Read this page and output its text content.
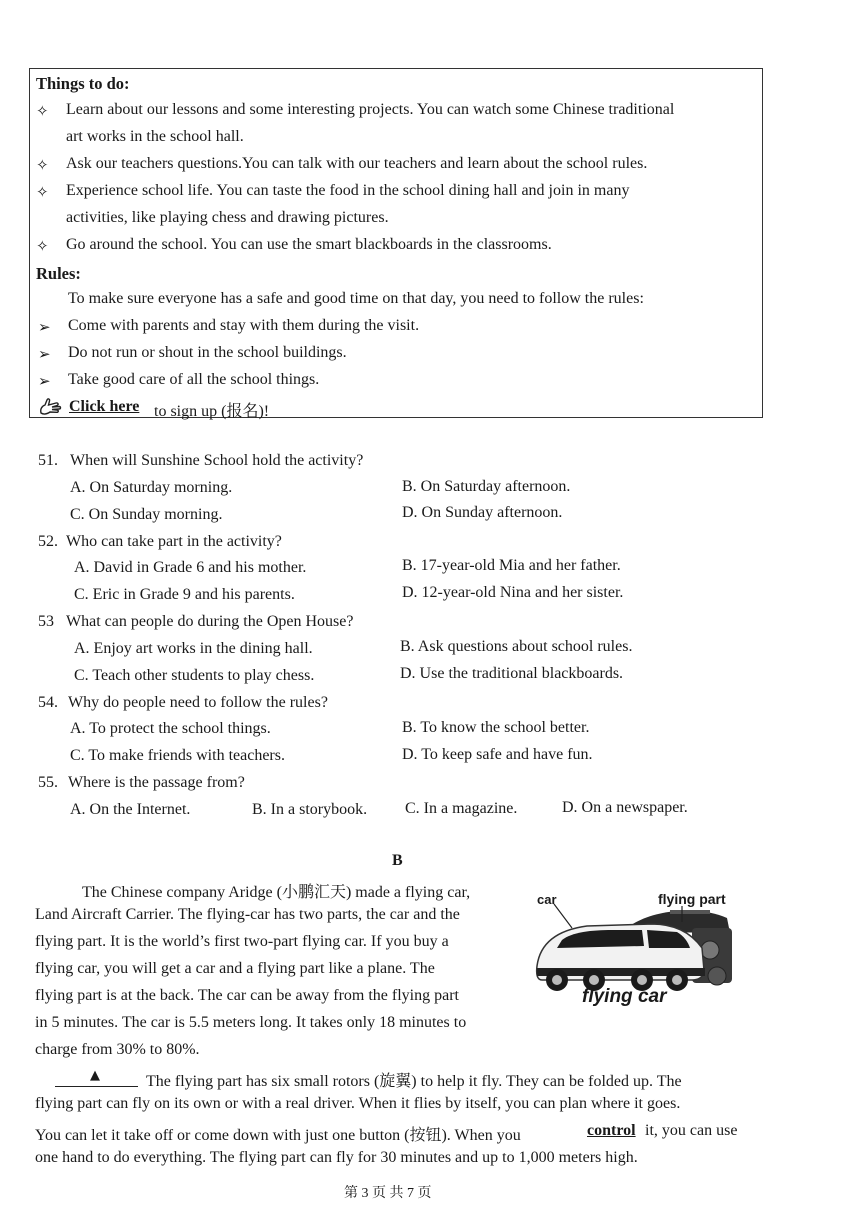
Things to do:
✧ Learn about our lessons and some interesting projects. You can watch some Chinese traditional
art works in the school hall.
✧ Ask our teachers questions.You can talk with our teachers and learn about the school rules.
✧ Experience school life. You can taste the food in the school dining hall and join in many
activities, like playing chess and drawing pictures.
✧ Go around the school. You can use the smart blackboards in the classrooms.
Rules:
To make sure everyone has a safe and good time on that day, you need to follow the rules:
➢ Come with parents and stay with them during the visit.
➢ Do not run or shout in the school buildings.
➢ Take good care of all the school things.
Click here to sign up (报名)!
51. When will Sunshine School hold the activity?
A. On Saturday morning.	B. On Saturday afternoon.
C. On Sunday morning.	D. On Sunday afternoon.
52. Who can take part in the activity?
A. David in Grade 6 and his mother.	B. 17-year-old Mia and her father.
C. Eric in Grade 9 and his parents.	D. 12-year-old Nina and her sister.
53 What can people do during the Open House?
A. Enjoy art works in the dining hall.	B. Ask questions about school rules.
C. Teach other students to play chess.	D. Use the traditional blackboards.
54. Why do people need to follow the rules?
A. To protect the school things.	B. To know the school better.
C. To make friends with teachers.	D. To keep safe and have fun.
55. Where is the passage from?
A. On the Internet.	B. In a storybook. C. In a magazine.	D. On a newspaper.
B
The Chinese company Aridge (小鹏汇天) made a flying car,
Land Aircraft Carrier. The flying-car has two parts, the car and the
flying part. It is the world’s first two-part flying car. If you buy a
flying car, you will get a car and a flying part like a plane. The
flying part is at the back. The car can be away from the flying part
in 5 minutes. The car is 5.5 meters long. It takes only 18 minutes to
charge from 30% to 80%.
car	flying part
flying car
▲	The flying part has six small rotors (旋翼) to help it fly. They can be folded up. The
flying part can fly on its own or with a real driver. When it flies by itself, you can plan where it goes.
You can let it take off or come down with just one button (按钮). When you	control it, you can use
one hand to do everything. The flying part can fly for 30 minutes and up to 1,000 meters high.
第 3 页 共 7 页
